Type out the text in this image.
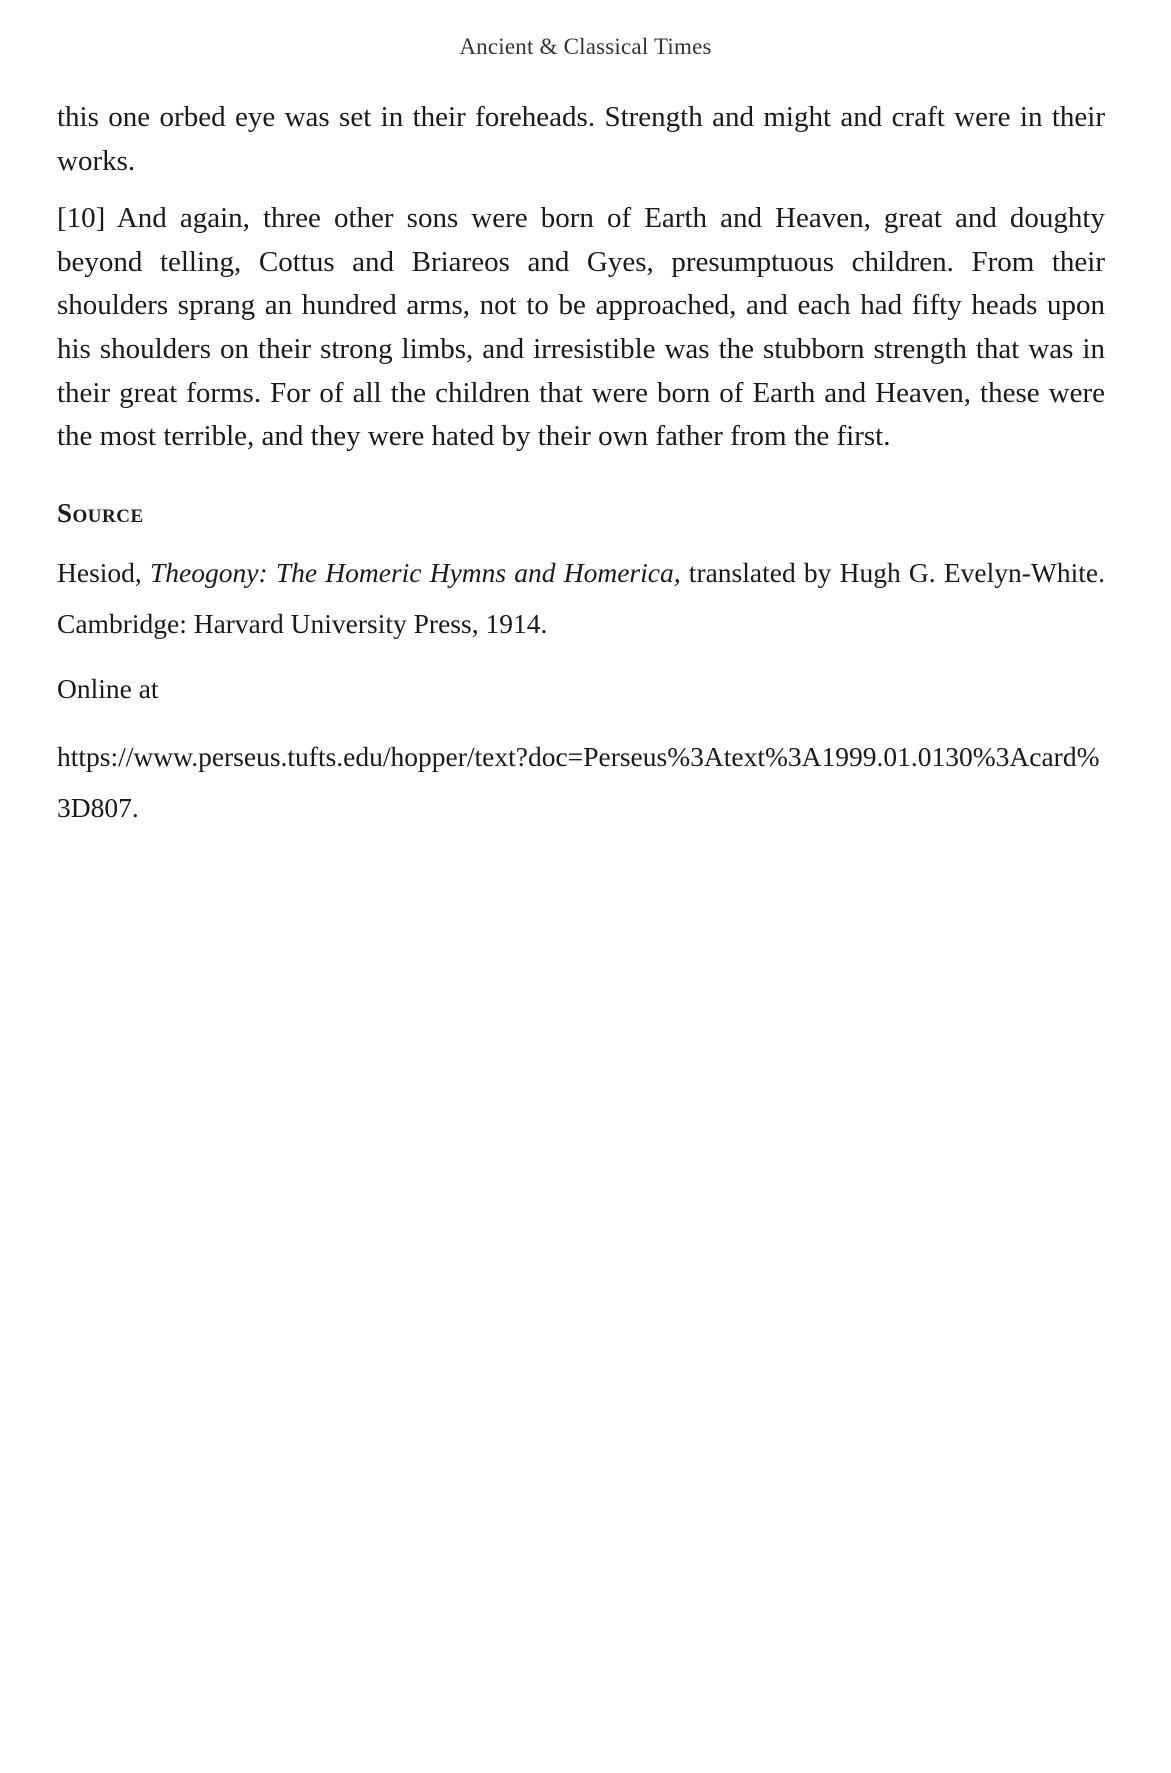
Ancient & Classical Times

this one orbed eye was set in their foreheads. Strength and might and craft were in their works.

[10] And again, three other sons were born of Earth and Heaven, great and doughty beyond telling, Cottus and Briareos and Gyes, presumptuous children. From their shoulders sprang an hundred arms, not to be approached, and each had fifty heads upon his shoulders on their strong limbs, and irresistible was the stubborn strength that was in their great forms. For of all the children that were born of Earth and Heaven, these were the most terrible, and they were hated by their own father from the first.

Source

Hesiod, Theogony: The Homeric Hymns and Homerica, translated by Hugh G. Evelyn-White. Cambridge: Harvard University Press, 1914.

Online at

https://www.perseus.tufts.edu/hopper/text?doc=Perseus%3Atext%3A1999.01.0130%3Acard%3D807.
